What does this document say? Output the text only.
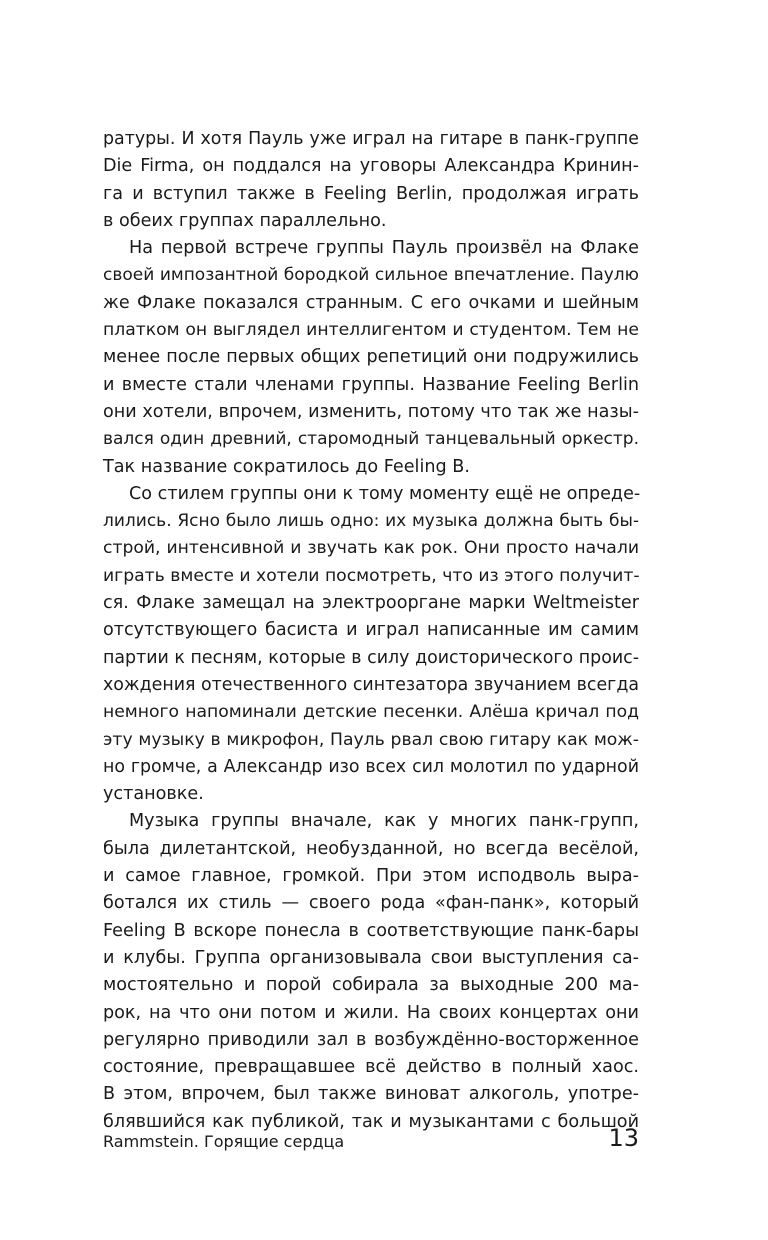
ратуры. И хотя Пауль уже играл на гитаре в панк-группе
Die Firma, он поддался на уговоры Александра Кринин-
га и вступил также в Feeling Berlin, продолжая играть
в обеих группах параллельно.
На первой встрече группы Пауль произвёл на Флаке
своей импозантной бородкой сильное впечатление. Паулю
же Флаке показался странным. С его очками и шейным
платком он выглядел интеллигентом и студентом. Тем не
менее после первых общих репетиций они подружились
и вместе стали членами группы. Название Feeling Berlin
они хотели, впрочем, изменить, потому что так же назы-
вался один древний, старомодный танцевальный оркестр.
Так название сократилось до Feeling B.
Со стилем группы они к тому моменту ещё не опреде-
лились. Ясно было лишь одно: их музыка должна быть бы-
строй, интенсивной и звучать как рок. Они просто начали
играть вместе и хотели посмотреть, что из этого получит-
ся. Флаке замещал на электрооргане марки Weltmeister
отсутствующего басиста и играл написанные им самим
партии к песням, которые в силу доисторического проис-
хождения отечественного синтезатора звучанием всегда
немного напоминали детские песенки. Алёша кричал под
эту музыку в микрофон, Пауль рвал свою гитару как мож-
но громче, а Александр изо всех сил молотил по ударной
установке.
Музыка группы вначале, как у многих панк-групп,
была дилетантской, необузданной, но всегда весёлой,
и самое главное, громкой. При этом исподволь выра-
ботался их стиль — своего рода «фан-панк», который
Feeling B вскоре понесла в соответствующие панк-бары
и клубы. Группа организовывала свои выступления са-
мостоятельно и порой собирала за выходные 200 ма-
рок, на что они потом и жили. На своих концертах они
регулярно приводили зал в возбуждённо-восторженное
состояние, превращавшее всё действо в полный хаос.
В этом, впрочем, был также виноват алкоголь, употре-
блявшийся как публикой, так и музыкантами с большой
Rammstein. Горящие сердца	13
